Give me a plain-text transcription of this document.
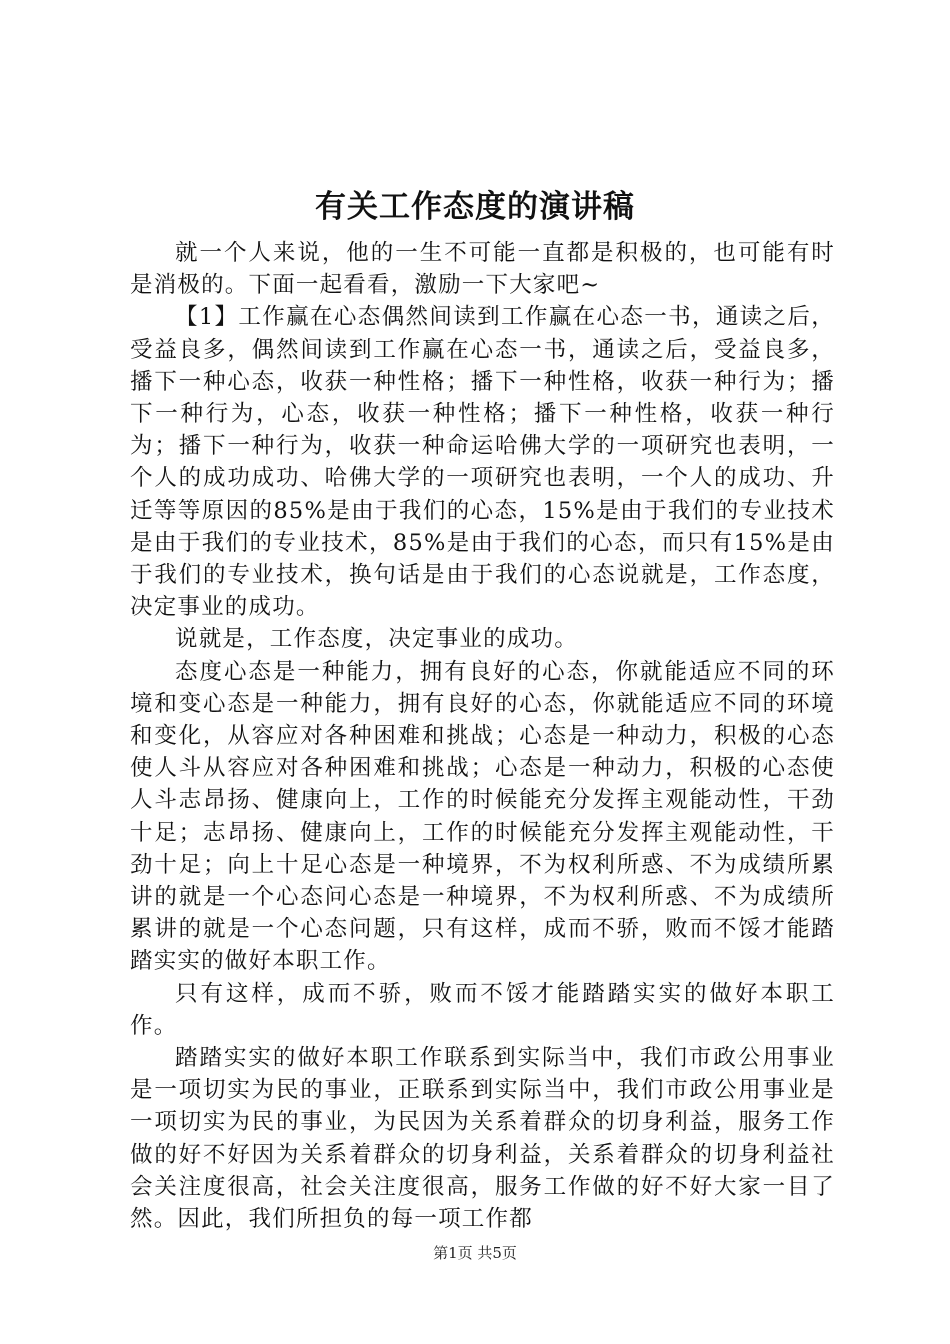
有关工作态度的演讲稿

就一个人来说，他的一生不可能一直都是积极的，也可能有时是消极的。下面一起看看，激励一下大家吧~

【1】工作赢在心态偶然间读到工作赢在心态一书，通读之后，受益良多，偶然间读到工作赢在心态一书，通读之后，受益良多，播下一种心态，收获一种性格；播下一种性格，收获一种行为；播下一种行为，心态，收获一种性格；播下一种性格，收获一种行为；播下一种行为，收获一种命运哈佛大学的一项研究也表明，一个人的成功成功、哈佛大学的一项研究也表明，一个人的成功、升迁等等原因的85%是由于我们的心态，15%是由于我们的专业技术是由于我们的专业技术，85%是由于我们的心态，而只有15%是由于我们的专业技术，换句话是由于我们的心态说就是，工作态度，决定事业的成功。

说就是，工作态度，决定事业的成功。

态度心态是一种能力，拥有良好的心态，你就能适应不同的环境和变心态是一种能力，拥有良好的心态，你就能适应不同的环境和变化，从容应对各种困难和挑战；心态是一种动力，积极的心态使人斗从容应对各种困难和挑战；心态是一种动力，积极的心态使人斗志昂扬、健康向上，工作的时候能充分发挥主观能动性，干劲十足；志昂扬、健康向上，工作的时候能充分发挥主观能动性，干劲十足；向上十足心态是一种境界，不为权利所惑、不为成绩所累讲的就是一个心态问心态是一种境界，不为权利所惑、不为成绩所累讲的就是一个心态问题，只有这样，成而不骄，败而不馁才能踏踏实实的做好本职工作。

只有这样，成而不骄，败而不馁才能踏踏实实的做好本职工作。

踏踏实实的做好本职工作联系到实际当中，我们市政公用事业是一项切实为民的事业，正联系到实际当中，我们市政公用事业是一项切实为民的事业，为民因为关系着群众的切身利益，服务工作做的好不好因为关系着群众的切身利益，关系着群众的切身利益社会关注度很高，社会关注度很高，服务工作做的好不好大家一目了然。因此，我们所担负的每一项工作都

第1页 共5页
